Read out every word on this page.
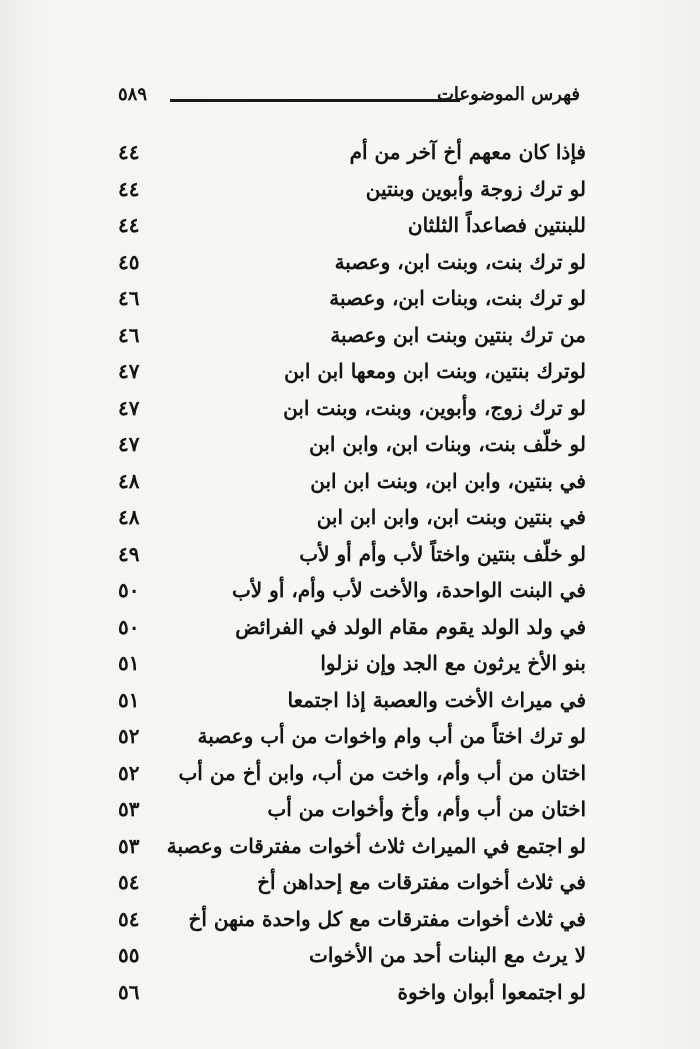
‎ ‎ ‎ ‎ ‎ ‎ ‎ ‎
فهرس الموضوعات
٥٨٩
فإذا كان معهم أخ آخر من أم
٤٤
لو ترك زوجة وأبوين وبنتين
٤٤
للبنتين فصاعداً الثلثان
٤٤
لو ترك بنت، وبنت ابن، وعصبة
٤٥
لو ترك بنت، وبنات ابن، وعصبة
٤٦
من ترك بنتين وبنت ابن وعصبة
٤٦
لوترك بنتين، وبنت ابن ومعها ابن ابن
٤٧
لو ترك زوج، وأبوين، وبنت، وبنت ابن
٤٧
لو خلّف بنت، وبنات ابن، وابن ابن
٤٧
في بنتين، وابن ابن، وبنت ابن ابن
٤٨
في بنتين وبنت ابن، وابن ابن ابن
٤٨
لو خلّف بنتين واختاً لأب وأم أو لأب
٤٩
في البنت الواحدة، والأخت لأب وأم، أو لأب
٥٠
في ولد الولد يقوم مقام الولد في الفرائض
٥٠
بنو الأخ يرثون مع الجد وإن نزلوا
٥١
في ميراث الأخت والعصبة إذا اجتمعا
٥١
لو ترك اختاً من أب وام واخوات من أب وعصبة
٥٢
اختان من أب وأم، واخت من أب، وابن أخ من أب
٥٢
اختان من أب وأم، وأخ وأخوات من أب
٥٣
لو اجتمع في الميراث ثلاث أخوات مفترقات وعصبة
٥٣
في ثلاث أخوات مفترقات مع إحداهن أخ
٥٤
في ثلاث أخوات مفترقات مع كل واحدة منهن أخ
٥٤
لا يرث مع البنات أحد من الأخوات
٥٥
لو اجتمعوا أبوان واخوة
٥٦
